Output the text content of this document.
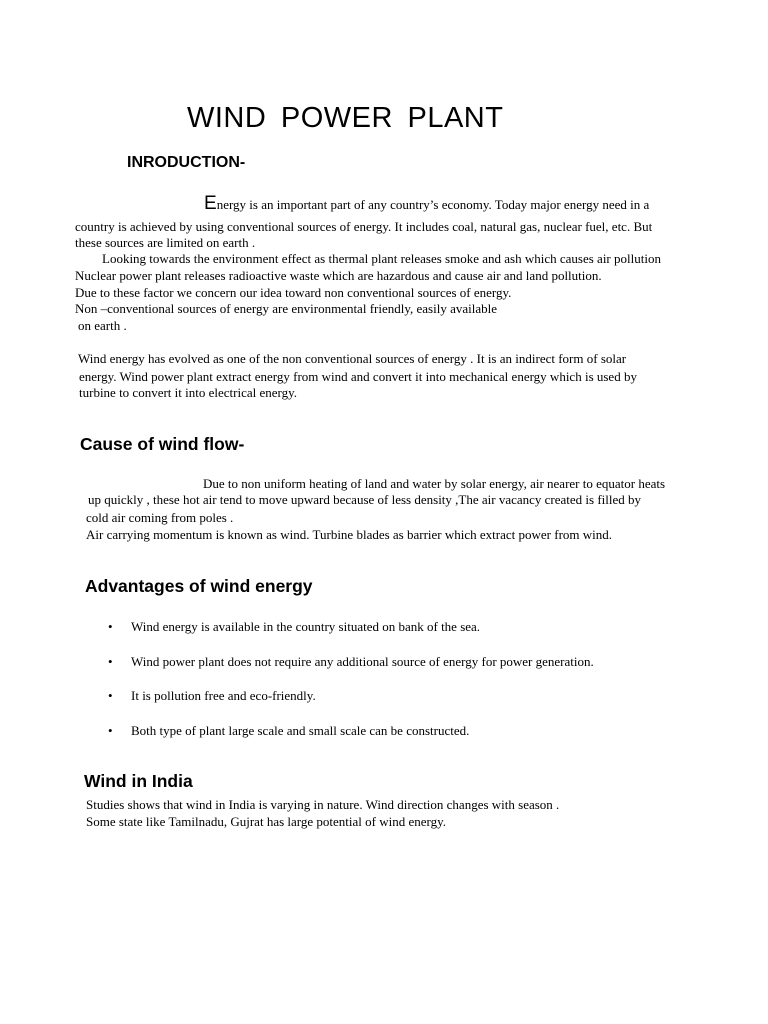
WIND POWER PLANT
INRODUCTION-
Energy is an important part of any country’s economy. Today major energy need in a
country is achieved by using conventional sources of energy. It includes coal, natural gas, nuclear fuel, etc. But
these sources are limited on earth .
Looking towards the environment effect as thermal plant releases smoke and ash which causes air pollution
Nuclear power plant releases radioactive waste which are hazardous and cause air and land pollution.
Due to these factor we concern our idea toward non conventional sources of energy.
Non –conventional sources of energy are environmental friendly, easily available
on earth .
Wind energy has evolved as one of the non conventional sources of energy . It is an indirect form of solar
energy. Wind power plant extract energy from wind and convert it into mechanical energy which is used by
turbine to convert it into electrical energy.
Cause of wind flow-
Due to non uniform heating of land and water by solar energy, air nearer to equator heats
up quickly , these hot air tend to move upward because of less density ,The air vacancy created is filled by
cold air coming from poles .
Air carrying momentum is known as wind. Turbine blades as barrier which extract power from wind.
Advantages of wind energy
• Wind energy is available in the country situated on bank of the sea.
• Wind power plant does not require any additional source of energy for power generation.
• It is pollution free and eco-friendly.
• Both type of plant large scale and small scale can be constructed.
Wind in India
Studies shows that wind in India is varying in nature. Wind direction changes with season .
Some state like Tamilnadu, Gujrat has large potential of wind energy.
